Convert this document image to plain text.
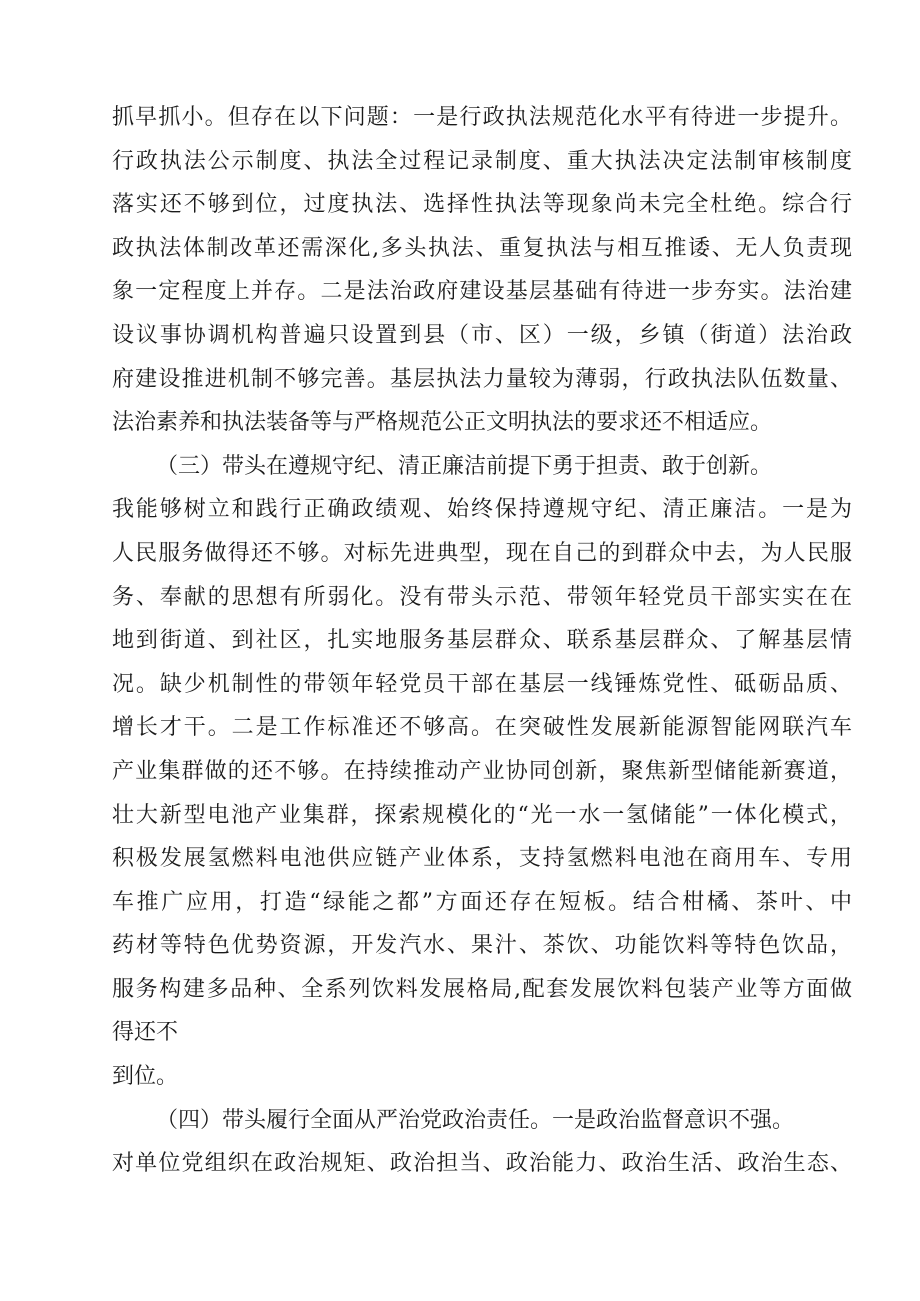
抓早抓小。但存在以下问题：一是行政执法规范化水平有待进一步提升。
行政执法公示制度、执法全过程记录制度、重大执法决定法制审核制度
落实还不够到位，过度执法、选择性执法等现象尚未完全杜绝。综合行
政执法体制改革还需深化,多头执法、重复执法与相互推诿、无人负责现
象一定程度上并存。二是法治政府建设基层基础有待进一步夯实。法治建
设议事协调机构普遍只设置到县（市、区）一级，乡镇（街道）法治政
府建设推进机制不够完善。基层执法力量较为薄弱，行政执法队伍数量、
法治素养和执法装备等与严格规范公正文明执法的要求还不相适应。
（三）带头在遵规守纪、清正廉洁前提下勇于担责、敢于创新。
我能够树立和践行正确政绩观、始终保持遵规守纪、清正廉洁。一是为
人民服务做得还不够。对标先进典型，现在自己的到群众中去，为人民服
务、奉献的思想有所弱化。没有带头示范、带领年轻党员干部实实在在
地到街道、到社区，扎实地服务基层群众、联系基层群众、了解基层情
况。缺少机制性的带领年轻党员干部在基层一线锤炼党性、砥砺品质、
增长才干。二是工作标准还不够高。在突破性发展新能源智能网联汽车
产业集群做的还不够。在持续推动产业协同创新，聚焦新型储能新赛道，
壮大新型电池产业集群，探索规模化的“光一水一氢储能”一体化模式，
积极发展氢燃料电池供应链产业体系，支持氢燃料电池在商用车、专用
车推广应用，打造“绿能之都”方面还存在短板。结合柑橘、茶叶、中
药材等特色优势资源，开发汽水、果汁、茶饮、功能饮料等特色饮品，
服务构建多品种、全系列饮料发展格局,配套发展饮料包装产业等方面做
得还不
到位。
（四）带头履行全面从严治党政治责任。一是政治监督意识不强。
对单位党组织在政治规矩、政治担当、政治能力、政治生活、政治生态、
